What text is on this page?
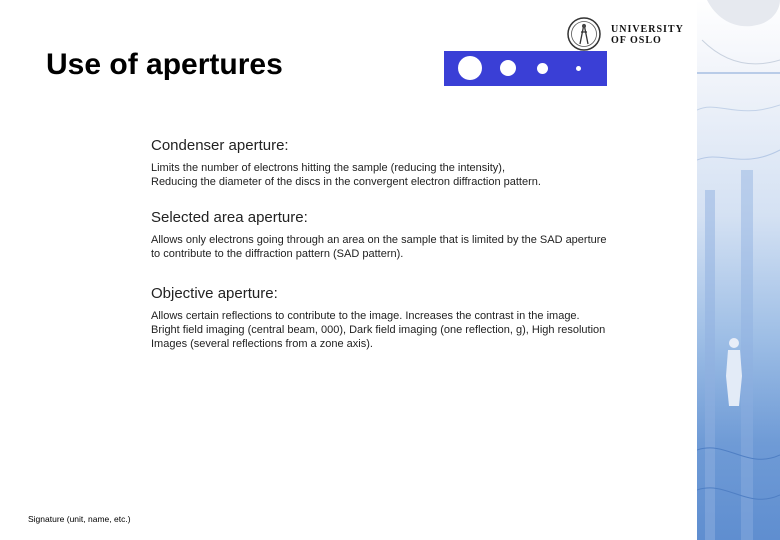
Use of apertures
UNIVERSITY
OF OSLO

Condenser aperture:

Limits the number of electrons hitting the sample (reducing the intensity),
Reducing the diameter of the discs in the convergent electron diffraction pattern.

Selected area aperture:

Allows only electrons going through an area on the sample that is limited by the SAD aperture
to contribute to the diffraction pattern (SAD pattern).

Objective aperture:

Allows certain reflections to contribute to the image. Increases the contrast in the image.
Bright field imaging (central beam, 000), Dark field imaging (one reflection, g), High resolution
Images (several reflections from a zone axis).

Signature (unit, name, etc.)
